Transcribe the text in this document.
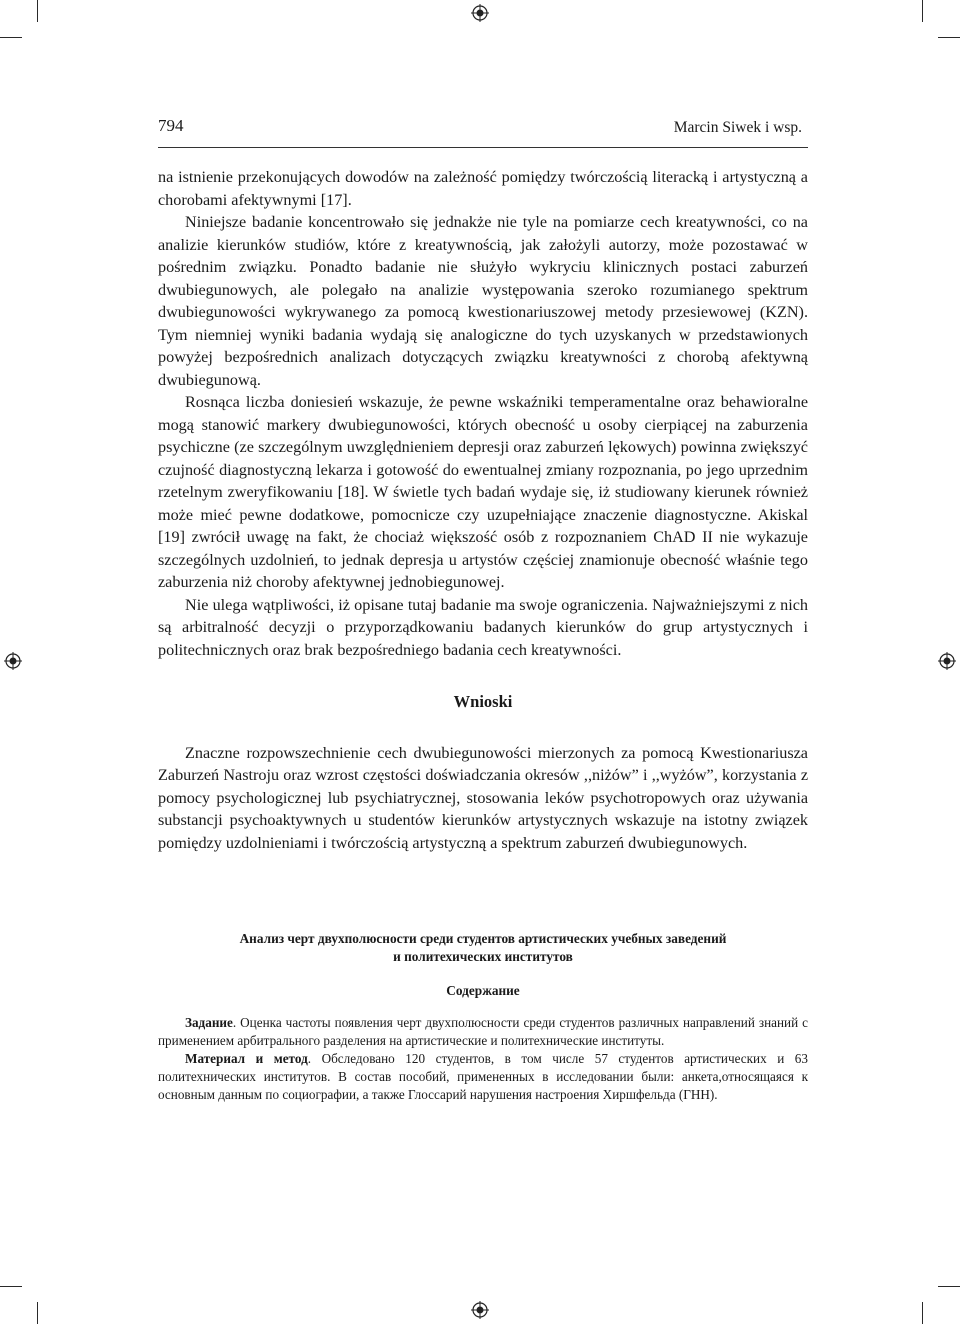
794	Marcin Siwek i wsp.

na istnienie przekonujących dowodów na zależność pomiędzy twórczością literacką i artystyczną a chorobami afektywnymi [17].

Niniejsze badanie koncentrowało się jednakże nie tyle na pomiarze cech kreatywności, co na analizie kierunków studiów, które z kreatywnością, jak założyli autorzy, może pozostawać w pośrednim związku. Ponadto badanie nie służyło wykryciu klinicznych postaci zaburzeń dwubiegunowych, ale polegało na analizie występowania szeroko rozumianego spektrum dwubiegunowości wykrywanego za pomocą kwestionariuszowej metody przesiewowej (KZN). Tym niemniej wyniki badania wydają się analogiczne do tych uzyskanych w przedstawionych powyżej bezpośrednich analizach dotyczących związku kreatywności z chorobą afektywną dwubiegunową.

Rosnąca liczba doniesień wskazuje, że pewne wskaźniki temperamentalne oraz behawioralne mogą stanowić markery dwubiegunowości, których obecność u osoby cierpiącej na zaburzenia psychiczne (ze szczególnym uwzględnieniem depresji oraz zaburzeń lękowych) powinna zwiększyć czujność diagnostyczną lekarza i gotowość do ewentualnej zmiany rozpoznania, po jego uprzednim rzetelnym zweryfikowaniu [18]. W świetle tych badań wydaje się, iż studiowany kierunek również może mieć pewne dodatkowe, pomocnicze czy uzupełniające znaczenie diagnostyczne. Akiskal [19] zwrócił uwagę na fakt, że chociaż większość osób z rozpoznaniem ChAD II nie wykazuje szczególnych uzdolnień, to jednak depresja u artystów częściej znamionuje obecność właśnie tego zaburzenia niż choroby afektywnej jednobiegunowej.

Nie ulega wątpliwości, iż opisane tutaj badanie ma swoje ograniczenia. Najważniejszymi z nich są arbitralność decyzji o przyporządkowaniu badanych kierunków do grup artystycznych i politechnicznych oraz brak bezpośredniego badania cech kreatywności.

Wnioski

Znaczne rozpowszechnienie cech dwubiegunowości mierzonych za pomocą Kwestionariusza Zaburzeń Nastroju oraz wzrost częstości doświadczania okresów ,,niżów” i ,,wyżów”, korzystania z pomocy psychologicznej lub psychiatrycznej, stosowania leków psychotropowych oraz używania substancji psychoaktywnych u studentów kierunków artystycznych wskazuje na istotny związek pomiędzy uzdolnieniami i twórczością artystyczną a spektrum zaburzeń dwubiegunowych.

Анализ черт двухполюсности среди студентов артистических учебных заведений
и политехических институтов
Содержание

Задание. Оценка частоты появления черт двухполюсности среди студентов различных направлений знаний с применением арбитрального разделения на артистические и политехнические институты.

Материал и метод. Обследовано 120 студентов, в том числе 57 студентов артистических и 63 политехнических институтов. В состав пособий, примененных в исследовании были: анкета,относящаяся к основным данным по социографии, а также Глоссарий нарушения настроения Хиршфельда (ГНН).
